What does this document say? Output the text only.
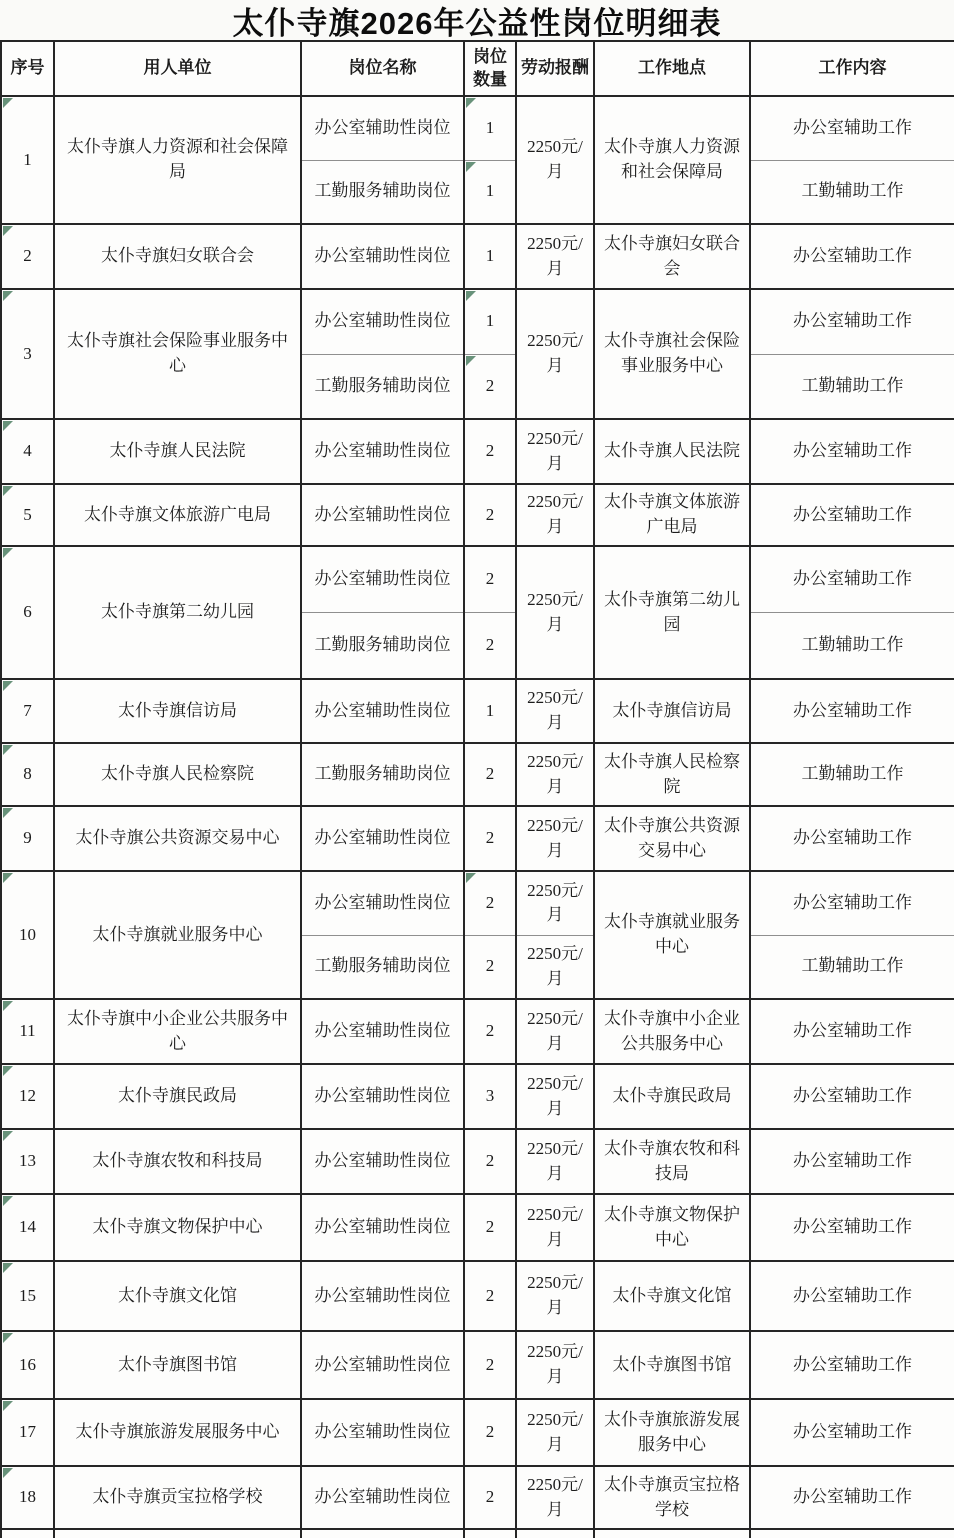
太仆寺旗2026年公益性岗位明细表
序号	用人单位	岗位名称	岗位数量	劳动报酬	工作地点	工作内容
1	太仆寺旗人力资源和社会保障局	办公室辅助性岗位	1	2250元/月	太仆寺旗人力资源和社会保障局	办公室辅助工作
		工勤服务辅助岗位	1			工勤辅助工作
2	太仆寺旗妇女联合会	办公室辅助性岗位	1	2250元/月	太仆寺旗妇女联合会	办公室辅助工作
3	太仆寺旗社会保险事业服务中心	办公室辅助性岗位	1	2250元/月	太仆寺旗社会保险事业服务中心	办公室辅助工作
		工勤服务辅助岗位	2			工勤辅助工作
4	太仆寺旗人民法院	办公室辅助性岗位	2	2250元/月	太仆寺旗人民法院	办公室辅助工作
5	太仆寺旗文体旅游广电局	办公室辅助性岗位	2	2250元/月	太仆寺旗文体旅游广电局	办公室辅助工作
6	太仆寺旗第二幼儿园	办公室辅助性岗位	2	2250元/月	太仆寺旗第二幼儿园	办公室辅助工作
		工勤服务辅助岗位	2			工勤辅助工作
7	太仆寺旗信访局	办公室辅助性岗位	1	2250元/月	太仆寺旗信访局	办公室辅助工作
8	太仆寺旗人民检察院	工勤服务辅助岗位	2	2250元/月	太仆寺旗人民检察院	工勤辅助工作
9	太仆寺旗公共资源交易中心	办公室辅助性岗位	2	2250元/月	太仆寺旗公共资源交易中心	办公室辅助工作
10	太仆寺旗就业服务中心	办公室辅助性岗位	2	2250元/月	太仆寺旗就业服务中心	办公室辅助工作
		工勤服务辅助岗位	2	2250元/月		工勤辅助工作
11	太仆寺旗中小企业公共服务中心	办公室辅助性岗位	2	2250元/月	太仆寺旗中小企业公共服务中心	办公室辅助工作
12	太仆寺旗民政局	办公室辅助性岗位	3	2250元/月	太仆寺旗民政局	办公室辅助工作
13	太仆寺旗农牧和科技局	办公室辅助性岗位	2	2250元/月	太仆寺旗农牧和科技局	办公室辅助工作
14	太仆寺旗文物保护中心	办公室辅助性岗位	2	2250元/月	太仆寺旗文物保护中心	办公室辅助工作
15	太仆寺旗文化馆	办公室辅助性岗位	2	2250元/月	太仆寺旗文化馆	办公室辅助工作
16	太仆寺旗图书馆	办公室辅助性岗位	2	2250元/月	太仆寺旗图书馆	办公室辅助工作
17	太仆寺旗旅游发展服务中心	办公室辅助性岗位	2	2250元/月	太仆寺旗旅游发展服务中心	办公室辅助工作
18	太仆寺旗贡宝拉格学校	办公室辅助性岗位	2	2250元/月	太仆寺旗贡宝拉格学校	办公室辅助工作
